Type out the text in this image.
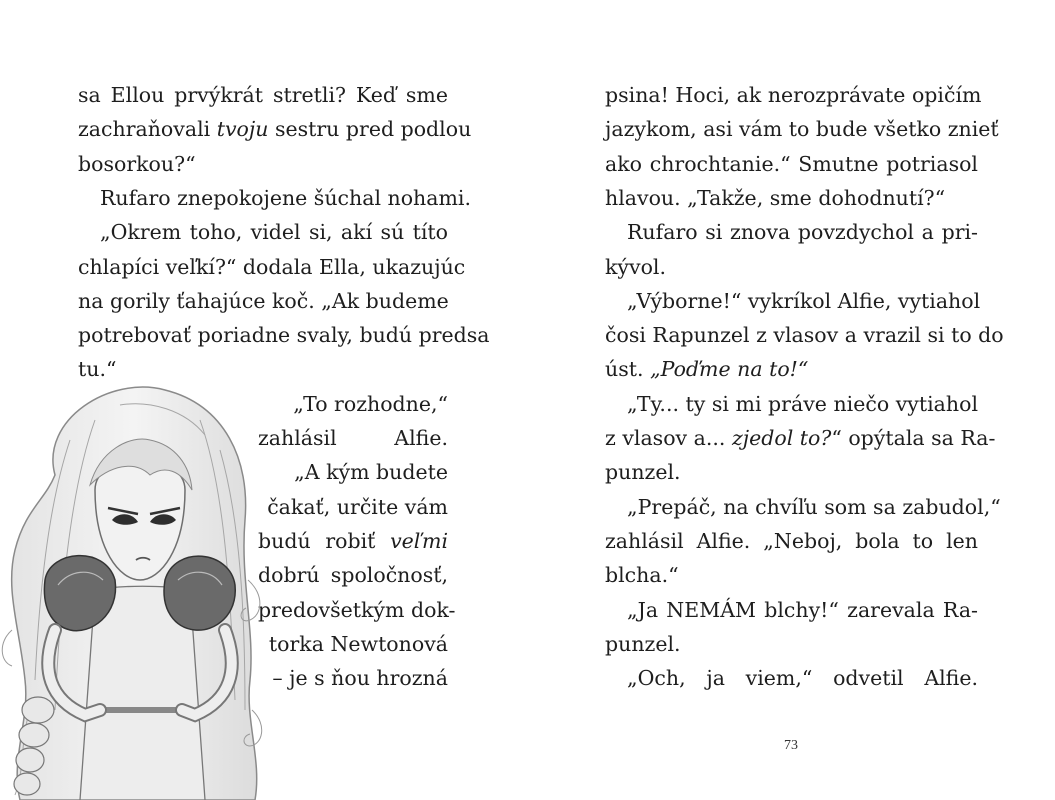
sa Ellou prvýkrát stretli? Keď sme
zachraňovali tvoju sestru pred podlou
bosorkou?“
Rufaro znepokojene šúchal nohami.
„Okrem toho, videl si, akí sú títo
chlapíci veľkí?“ dodala Ella, ukazujúc
na gorily ťahajúce koč. „Ak budeme
potrebovať poriadne svaly, budú predsa
tu.“
„To rozhodne,“
zahlásil Alfie.
„A kým budete
čakať, určite vám
budú robiť veľmi
dobrú spoločnosť,
predovšetkým dok-
torka Newtonová
– je s ňou hrozná
psina! Hoci, ak nerozprávate opičím
jazykom, asi vám to bude všetko znieť
ako chrochtanie.“ Smutne potriasol
hlavou. „Takže, sme dohodnutí?“
Rufaro si znova povzdychol a pri-
kývol.
„Výborne!“ vykríkol Alfie, vytiahol
čosi Rapunzel z vlasov a vrazil si to do
úst. „Poďme na to!“
„Ty... ty si mi práve niečo vytiahol
z vlasov a... zjedol to?“ opýtala sa Ra-
punzel.
„Prepáč, na chvíľu som sa zabudol,“
zahlásil Alfie. „Neboj, bola to len
blcha.“
„Ja NEMÁM blchy!“ zarevala Ra-
punzel.
„Och, ja viem,“ odvetil Alfie.
73
